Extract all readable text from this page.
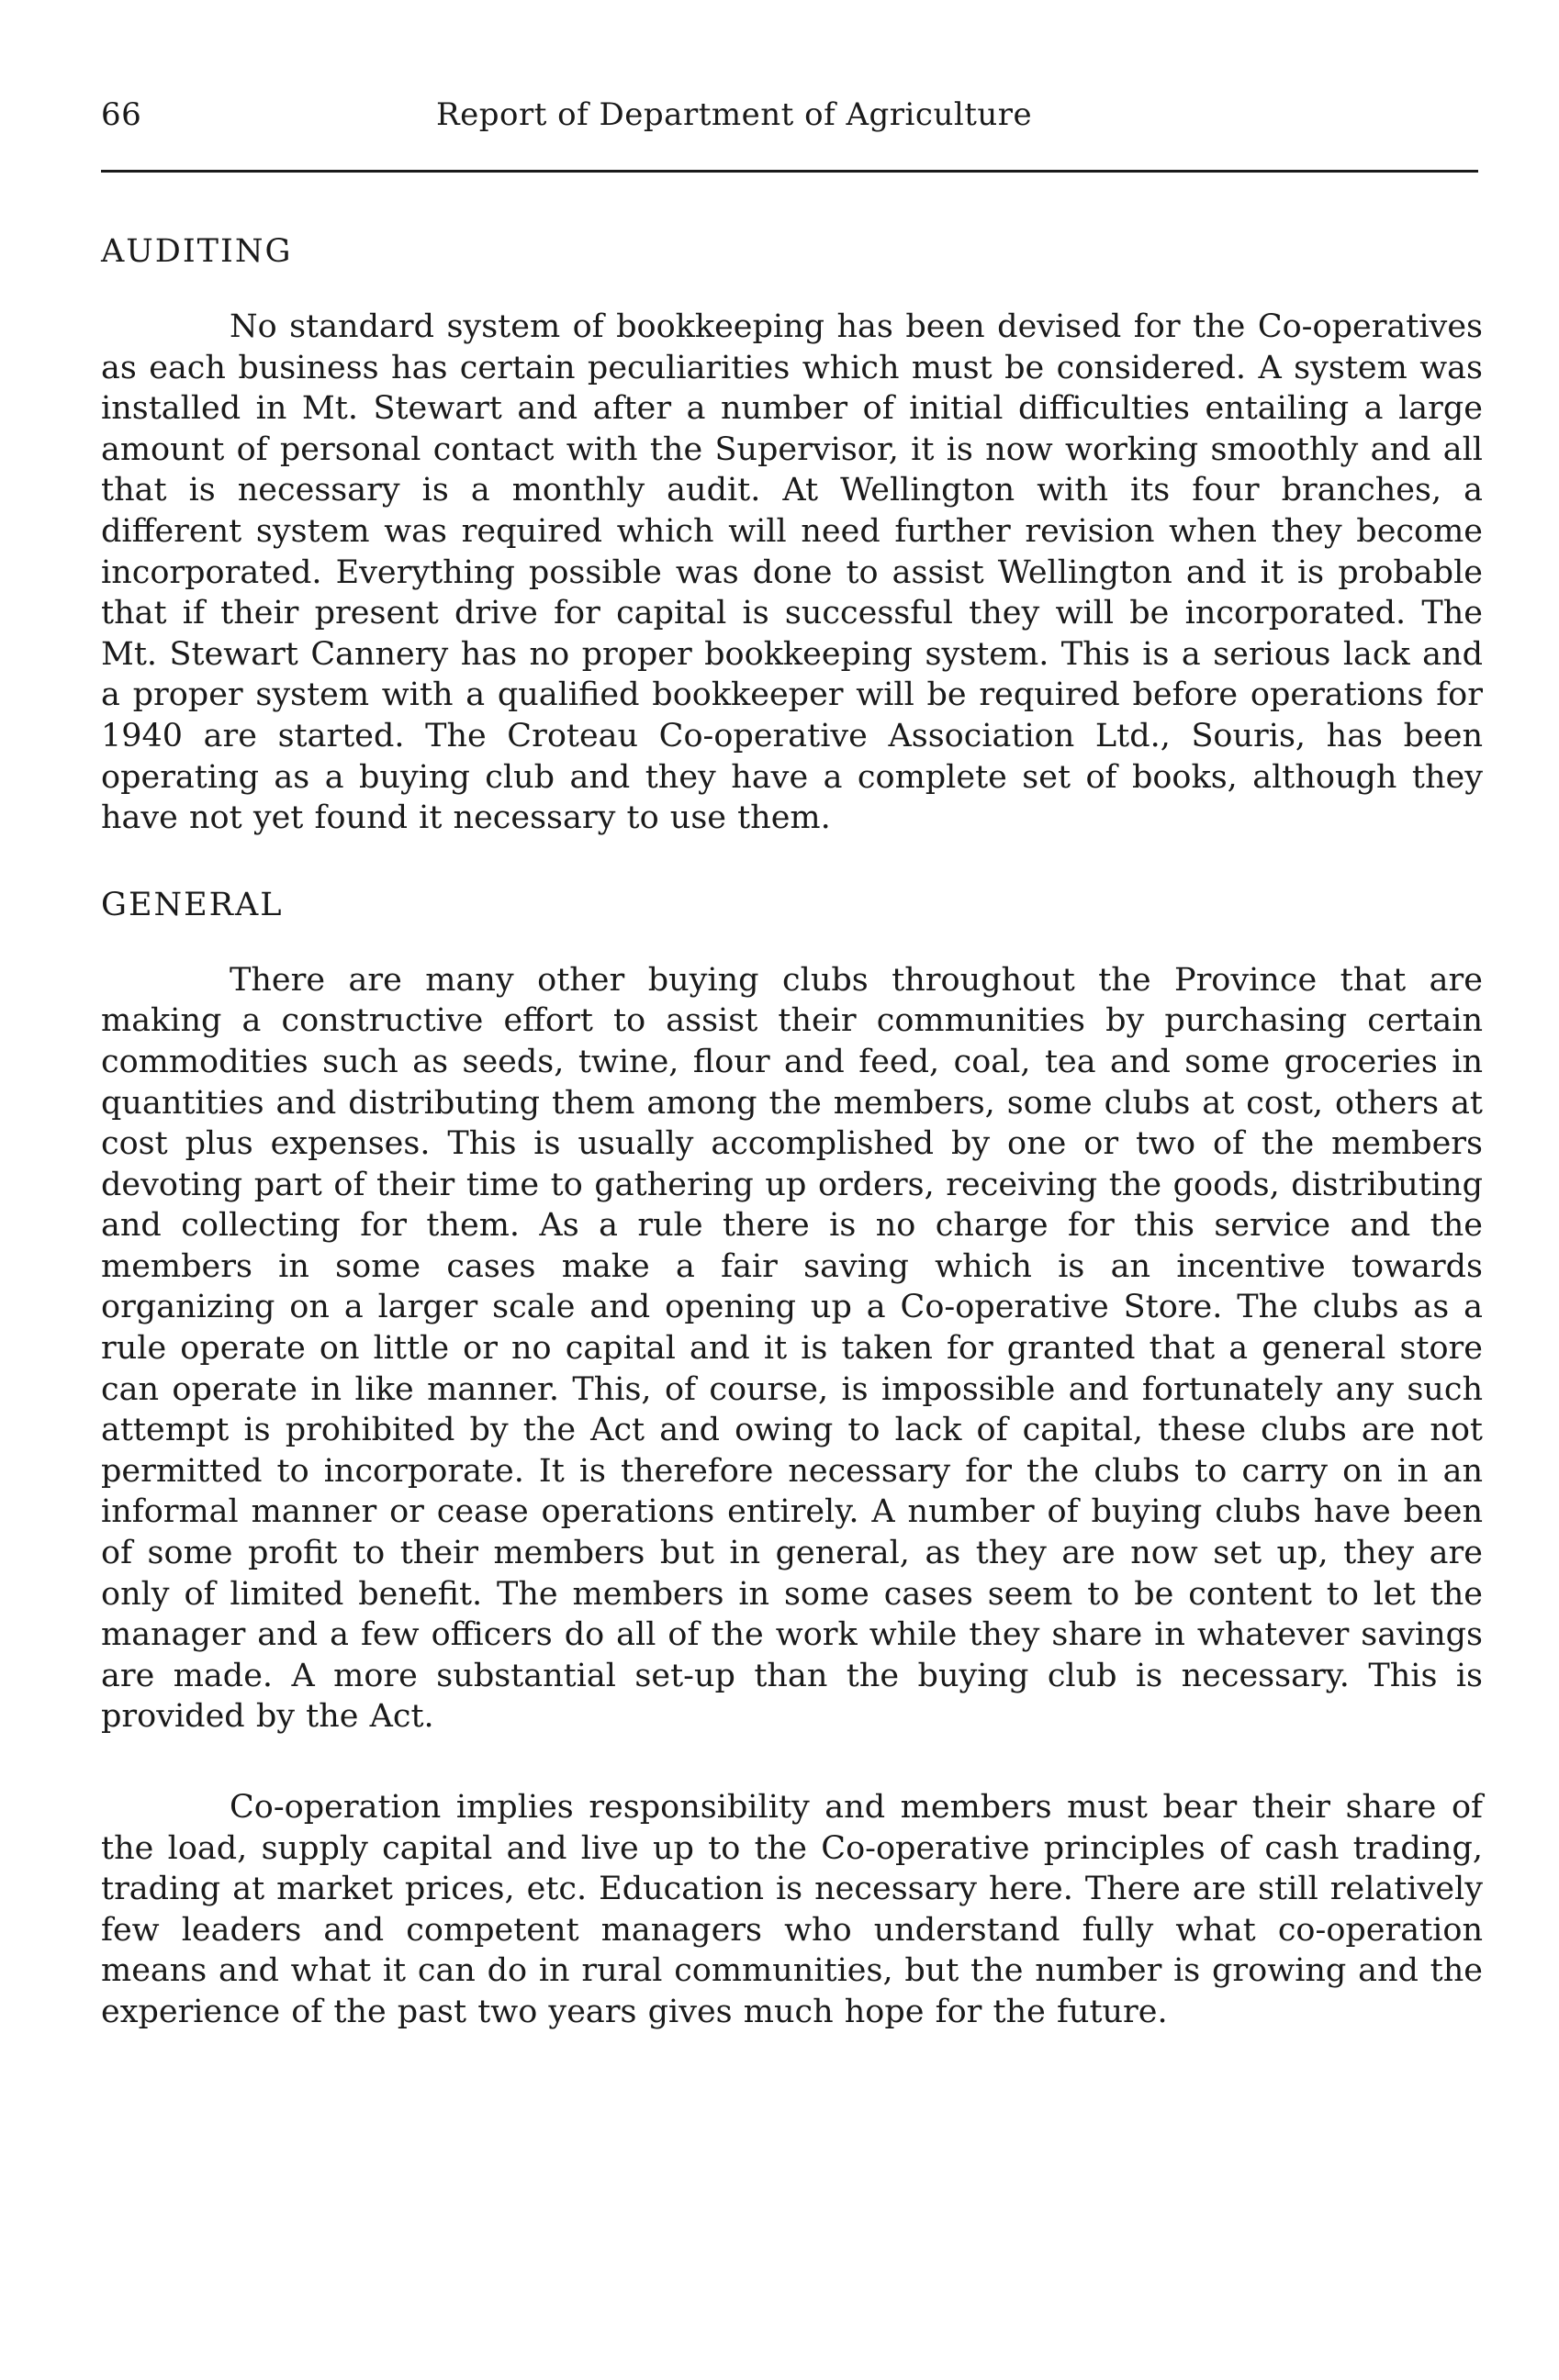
66	Report of Department of Agriculture
AUDITING

No standard system of bookkeeping has been devised for the Co-operatives as each business has certain peculiarities which must be considered. A system was installed in Mt. Stewart and after a number of initial difficulties entailing a large amount of personal contact with the Supervisor, it is now working smoothly and all that is necessary is a monthly audit. At Wellington with its four branches, a different system was required which will need further revision when they become incorporated. Everything possible was done to assist Wellington and it is probable that if their present drive for capital is successful they will be incorporated. The Mt. Stewart Cannery has no proper bookkeeping system. This is a serious lack and a proper system with a qualified bookkeeper will be required before operations for 1940 are started. The Croteau Co-operative Association Ltd., Souris, has been operating as a buying club and they have a complete set of books, although they have not yet found it necessary to use them.

GENERAL

There are many other buying clubs throughout the Province that are making a constructive effort to assist their communities by purchasing certain commodities such as seeds, twine, flour and feed, coal, tea and some groceries in quantities and distributing them among the members, some clubs at cost, others at cost plus expenses. This is usually accomplished by one or two of the members devoting part of their time to gathering up orders, receiving the goods, distributing and collecting for them. As a rule there is no charge for this service and the members in some cases make a fair saving which is an incentive towards organizing on a larger scale and opening up a Co-operative Store. The clubs as a rule operate on little or no capital and it is taken for granted that a general store can operate in like manner. This, of course, is impossible and fortunately any such attempt is prohibited by the Act and owing to lack of capital, these clubs are not permitted to incorporate. It is therefore necessary for the clubs to carry on in an informal manner or cease operations entirely. A number of buying clubs have been of some profit to their members but in general, as they are now set up, they are only of limited benefit. The members in some cases seem to be content to let the manager and a few officers do all of the work while they share in whatever savings are made. A more substantial set-up than the buying club is necessary. This is provided by the Act.

Co-operation implies responsibility and members must bear their share of the load, supply capital and live up to the Co-operative principles of cash trading, trading at market prices, etc. Education is necessary here. There are still relatively few leaders and competent managers who understand fully what co-operation means and what it can do in rural communities, but the number is growing and the experience of the past two years gives much hope for the future.
